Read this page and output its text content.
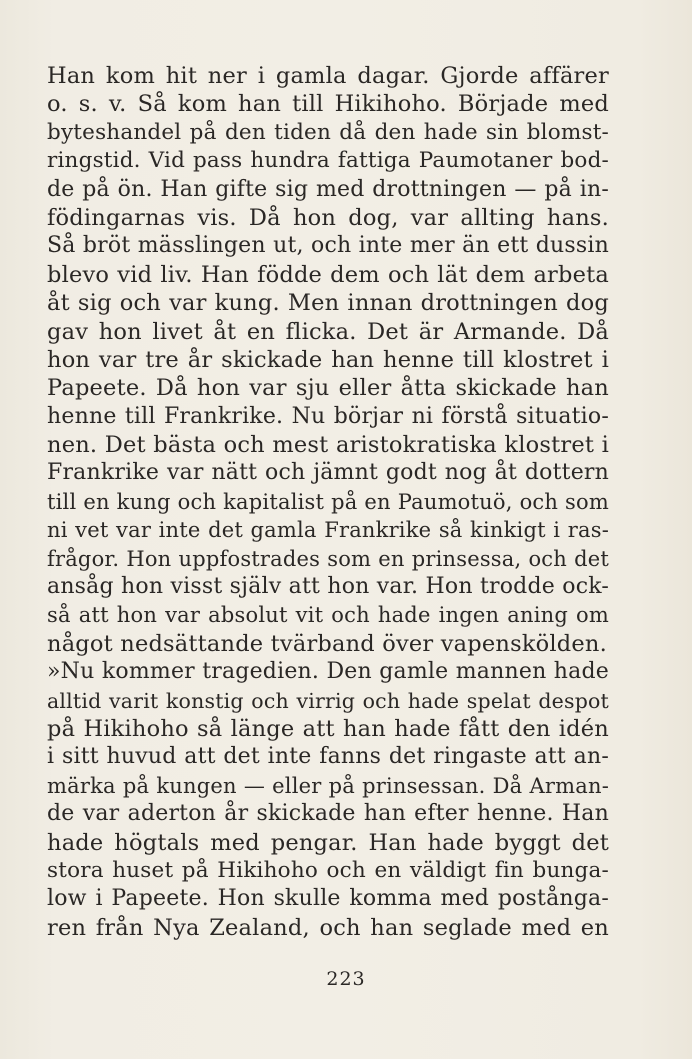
Han kom hit ner i gamla dagar. Gjorde affärer
o. s. v. Så kom han till Hikihoho. Började med
byteshandel på den tiden då den hade sin blomst-
ringstid. Vid pass hundra fattiga Paumotaner bod-
de på ön. Han gifte sig med drottningen — på in-
födingarnas vis. Då hon dog, var allting hans.
Så bröt mässlingen ut, och inte mer än ett dussin
blevo vid liv. Han födde dem och lät dem arbeta
åt sig och var kung. Men innan drottningen dog
gav hon livet åt en flicka. Det är Armande. Då
hon var tre år skickade han henne till klostret i
Papeete. Då hon var sju eller åtta skickade han
henne till Frankrike. Nu börjar ni förstå situatio-
nen. Det bästa och mest aristokratiska klostret i
Frankrike var nätt och jämnt godt nog åt dottern
till en kung och kapitalist på en Paumotuö, och som
ni vet var inte det gamla Frankrike så kinkigt i ras-
frågor. Hon uppfostrades som en prinsessa, och det
ansåg hon visst själv att hon var. Hon trodde ock-
så att hon var absolut vit och hade ingen aning om
något nedsättande tvärband över vapenskölden.
»Nu kommer tragedien. Den gamle mannen hade
alltid varit konstig och virrig och hade spelat despot
på Hikihoho så länge att han hade fått den idén
i sitt huvud att det inte fanns det ringaste att an-
märka på kungen — eller på prinsessan. Då Arman-
de var aderton år skickade han efter henne. Han
hade högtals med pengar. Han hade byggt det
stora huset på Hikihoho och en väldigt fin bunga-
low i Papeete. Hon skulle komma med postånga-
ren från Nya Zealand, och han seglade med en
223
